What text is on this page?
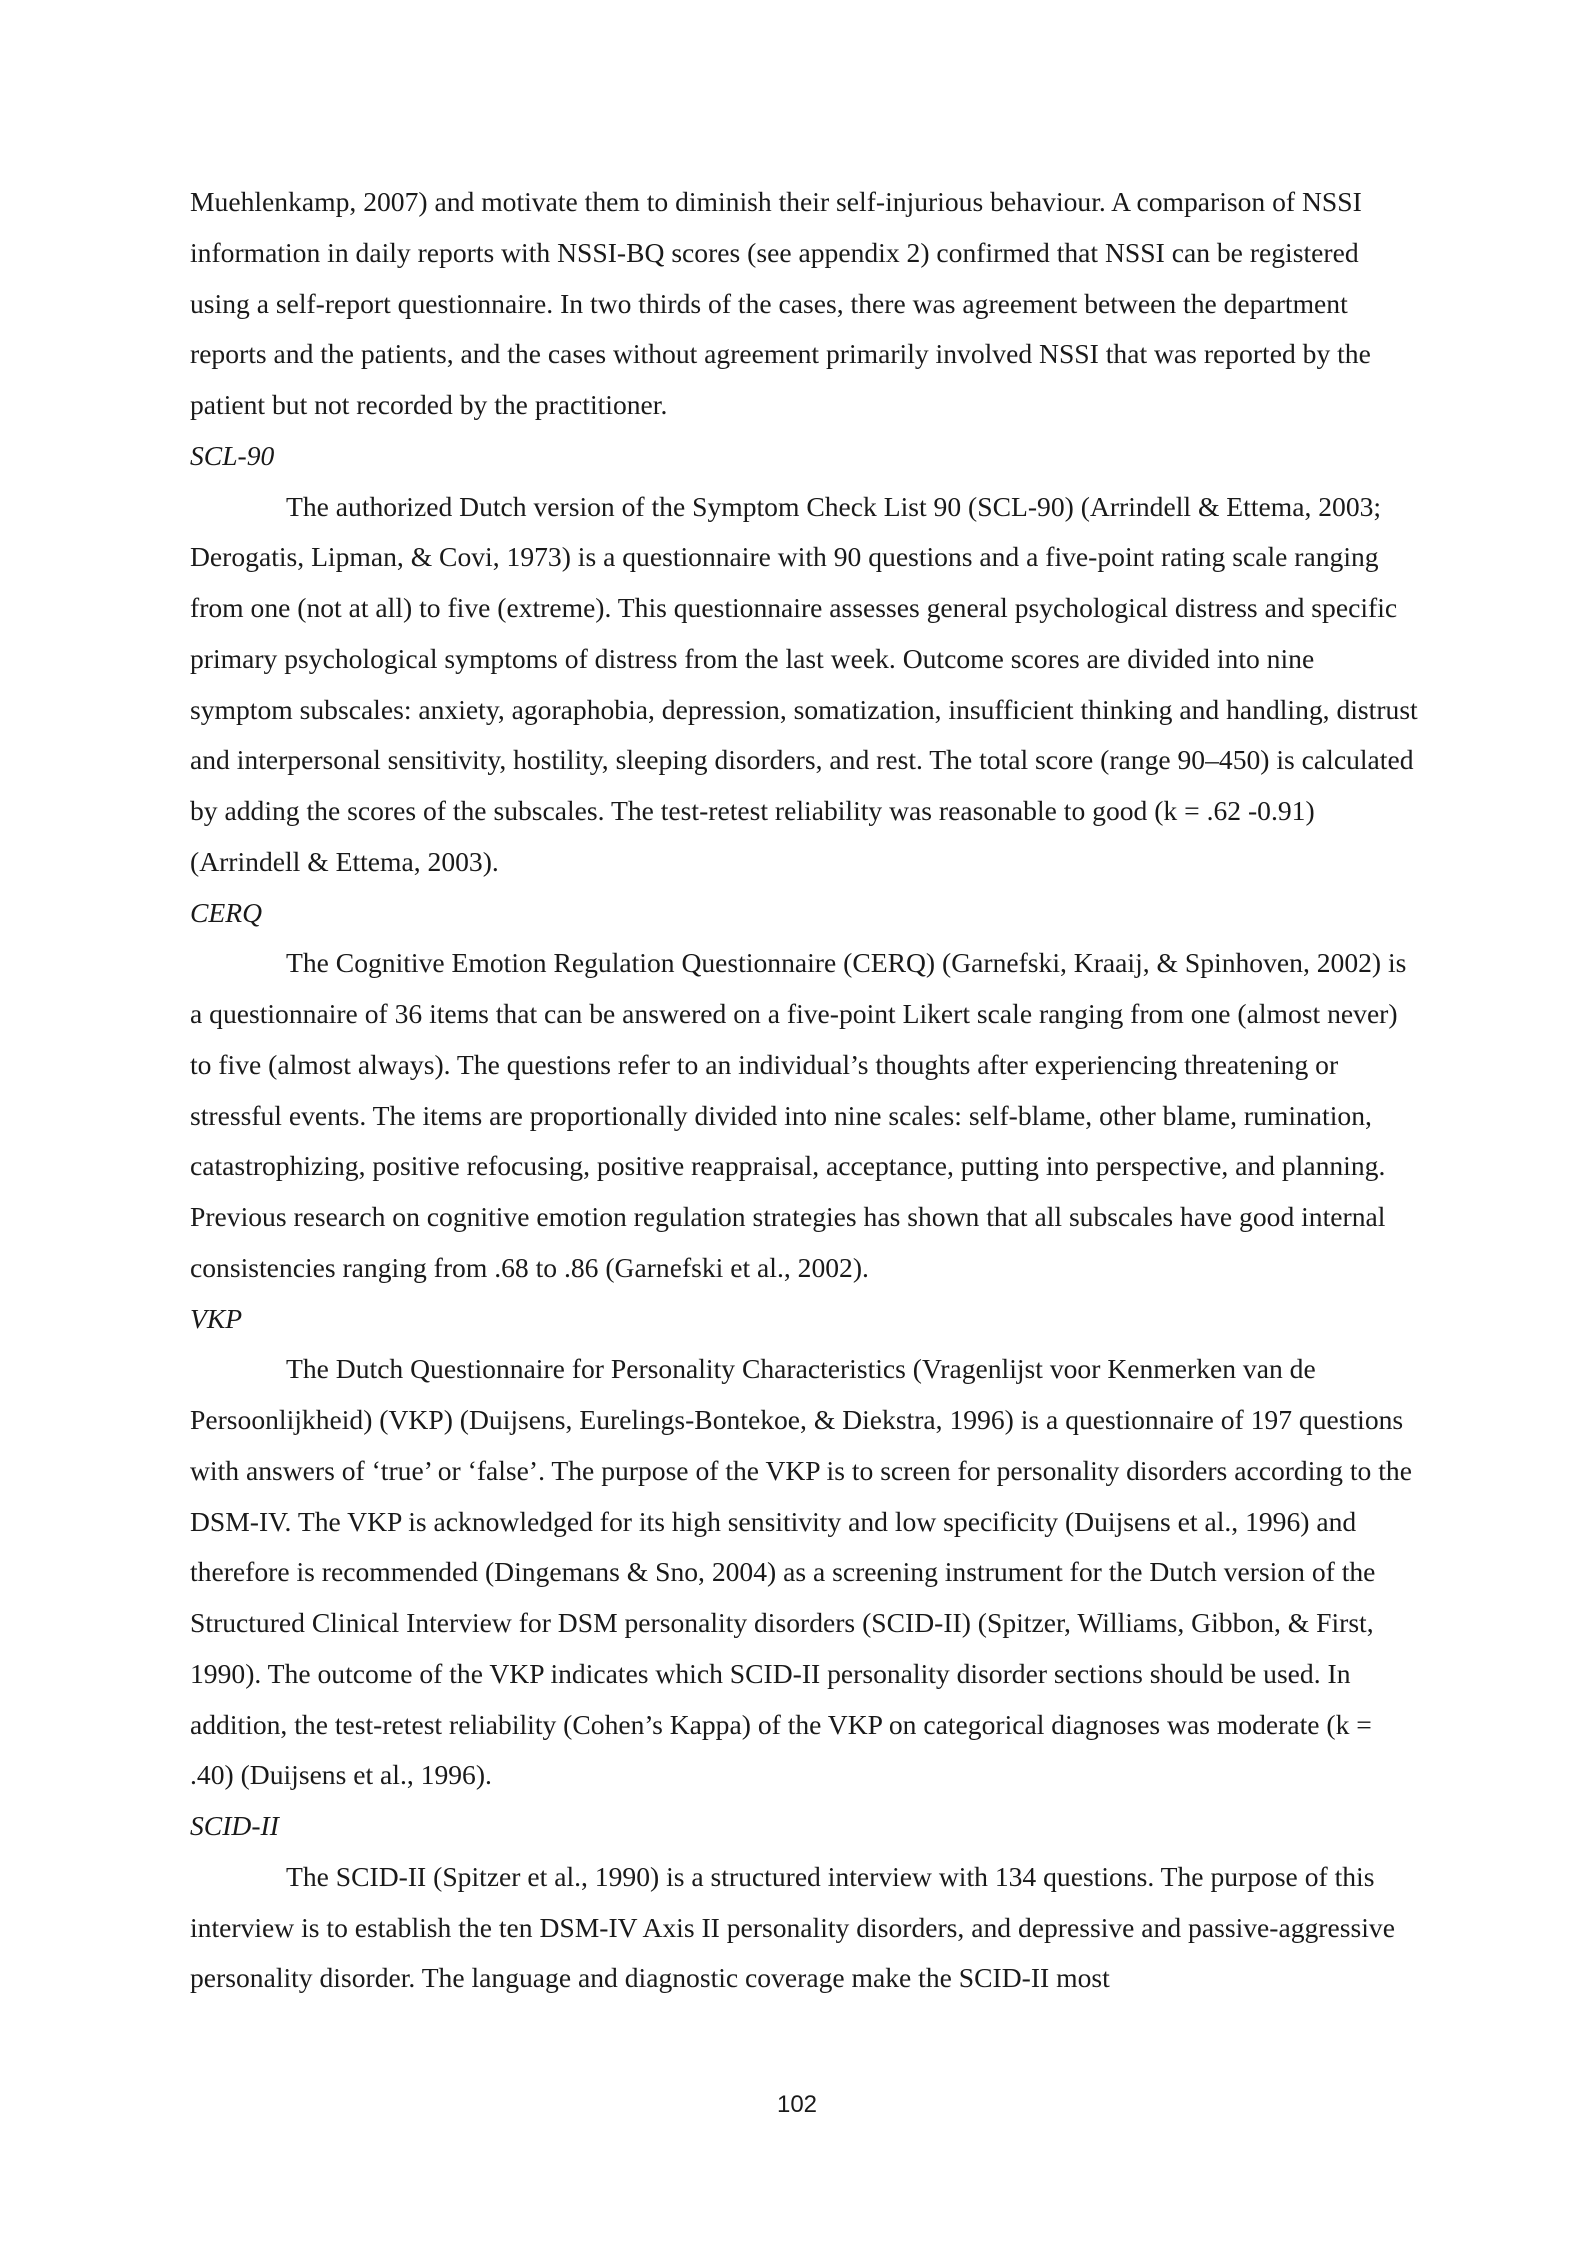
Muehlenkamp, 2007) and motivate them to diminish their self-injurious behaviour. A comparison of NSSI information in daily reports with NSSI-BQ scores (see appendix 2) confirmed that NSSI can be registered using a self-report questionnaire. In two thirds of the cases, there was agreement between the department reports and the patients, and the cases without agreement primarily involved NSSI that was reported by the patient but not recorded by the practitioner.

SCL-90

The authorized Dutch version of the Symptom Check List 90 (SCL-90) (Arrindell & Ettema, 2003; Derogatis, Lipman, & Covi, 1973) is a questionnaire with 90 questions and a five-point rating scale ranging from one (not at all) to five (extreme). This questionnaire assesses general psychological distress and specific primary psychological symptoms of distress from the last week. Outcome scores are divided into nine symptom subscales: anxiety, agoraphobia, depression, somatization, insufficient thinking and handling, distrust and interpersonal sensitivity, hostility, sleeping disorders, and rest. The total score (range 90–450) is calculated by adding the scores of the subscales. The test-retest reliability was reasonable to good (k = .62 -0.91) (Arrindell & Ettema, 2003).

CERQ

The Cognitive Emotion Regulation Questionnaire (CERQ) (Garnefski, Kraaij, & Spinhoven, 2002) is a questionnaire of 36 items that can be answered on a five-point Likert scale ranging from one (almost never) to five (almost always). The questions refer to an individual’s thoughts after experiencing threatening or stressful events. The items are proportionally divided into nine scales: self-blame, other blame, rumination, catastrophizing, positive refocusing, positive reappraisal, acceptance, putting into perspective, and planning. Previous research on cognitive emotion regulation strategies has shown that all subscales have good internal consistencies ranging from .68 to .86 (Garnefski et al., 2002).

VKP

The Dutch Questionnaire for Personality Characteristics (Vragenlijst voor Kenmerken van de Persoonlijkheid) (VKP) (Duijsens, Eurelings-Bontekoe, & Diekstra, 1996) is a questionnaire of 197 questions with answers of ‘true’ or ‘false’. The purpose of the VKP is to screen for personality disorders according to the DSM-IV. The VKP is acknowledged for its high sensitivity and low specificity (Duijsens et al., 1996) and therefore is recommended (Dingemans & Sno, 2004) as a screening instrument for the Dutch version of the Structured Clinical Interview for DSM personality disorders (SCID-II) (Spitzer, Williams, Gibbon, & First, 1990). The outcome of the VKP indicates which SCID-II personality disorder sections should be used. In addition, the test-retest reliability (Cohen’s Kappa) of the VKP on categorical diagnoses was moderate (k = .40) (Duijsens et al., 1996).

SCID-II

The SCID-II (Spitzer et al., 1990) is a structured interview with 134 questions. The purpose of this interview is to establish the ten DSM-IV Axis II personality disorders, and depressive and passive-aggressive personality disorder. The language and diagnostic coverage make the SCID-II most

102
